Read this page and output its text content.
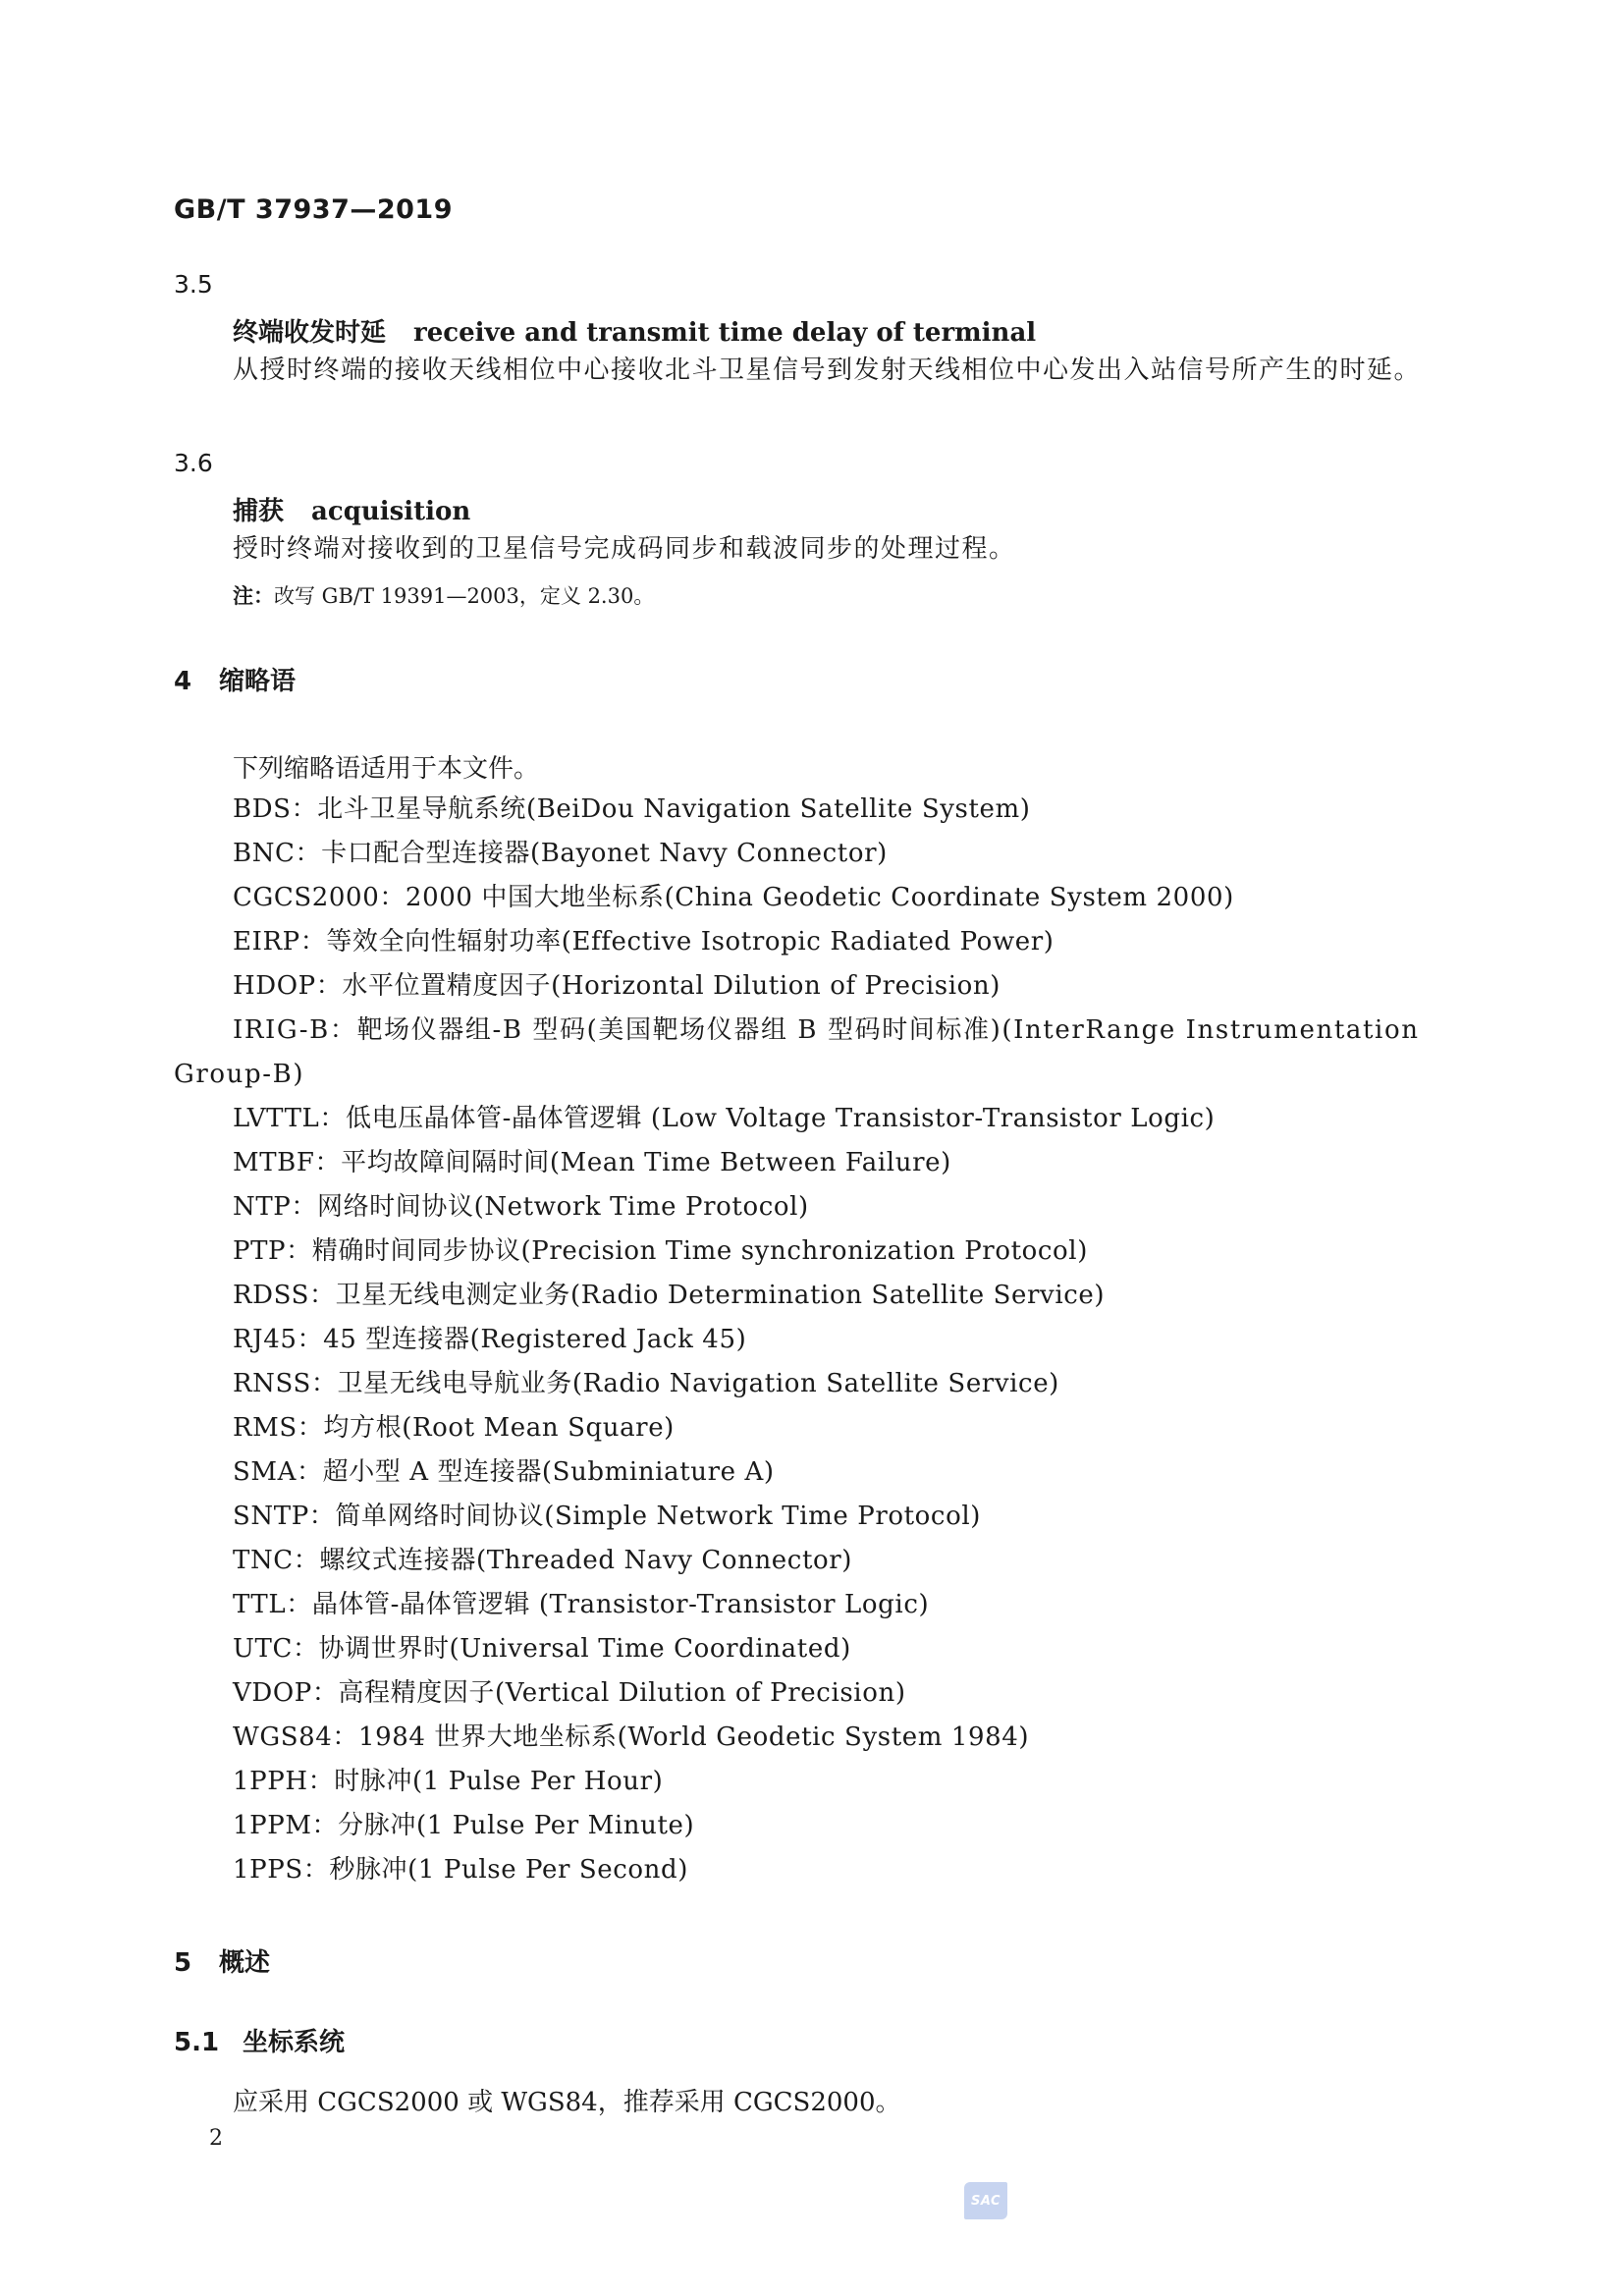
GB/T 37937—2019
3.5
终端收发时延 receive and transmit time delay of terminal
从授时终端的接收天线相位中心接收北斗卫星信号到发射天线相位中心发出入站信号所产生的时延。
3.6
捕获 acquisition
授时终端对接收到的卫星信号完成码同步和载波同步的处理过程。
注：改写 GB/T 19391—2003，定义 2.30。
4 缩略语
下列缩略语适用于本文件。
BDS：北斗卫星导航系统(BeiDou Navigation Satellite System)
BNC：卡口配合型连接器(Bayonet Navy Connector)
CGCS2000：2000 中国大地坐标系(China Geodetic Coordinate System 2000)
EIRP：等效全向性辐射功率(Effective Isotropic Radiated Power)
HDOP：水平位置精度因子(Horizontal Dilution of Precision)
IRIG-B：靶场仪器组-B 型码(美国靶场仪器组 B 型码时间标准)(InterRange Instrumentation Group-B)
LVTTL：低电压晶体管-晶体管逻辑 (Low Voltage Transistor-Transistor Logic)
MTBF：平均故障间隔时间(Mean Time Between Failure)
NTP：网络时间协议(Network Time Protocol)
PTP：精确时间同步协议(Precision Time synchronization Protocol)
RDSS：卫星无线电测定业务(Radio Determination Satellite Service)
RJ45：45 型连接器(Registered Jack 45)
RNSS：卫星无线电导航业务(Radio Navigation Satellite Service)
RMS：均方根(Root Mean Square)
SMA：超小型 A 型连接器(Subminiature A)
SNTP：简单网络时间协议(Simple Network Time Protocol)
TNC：螺纹式连接器(Threaded Navy Connector)
TTL：晶体管-晶体管逻辑 (Transistor-Transistor Logic)
UTC：协调世界时(Universal Time Coordinated)
VDOP：高程精度因子(Vertical Dilution of Precision)
WGS84：1984 世界大地坐标系(World Geodetic System 1984)
1PPH：时脉冲(1 Pulse Per Hour)
1PPM：分脉冲(1 Pulse Per Minute)
1PPS：秒脉冲(1 Pulse Per Second)
5 概述
5.1 坐标系统
应采用 CGCS2000 或 WGS84，推荐采用 CGCS2000。
2
SAC
